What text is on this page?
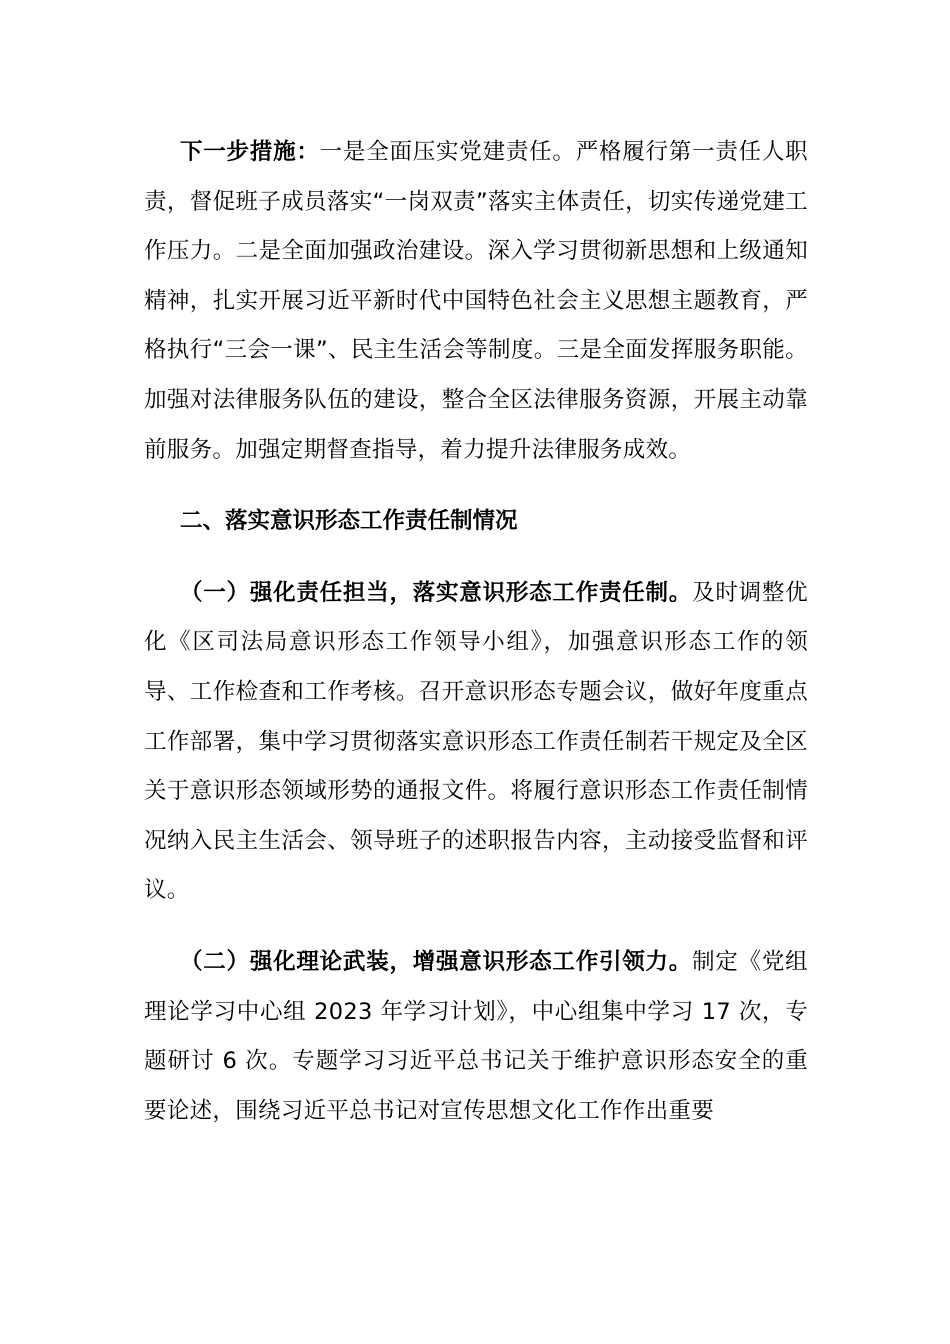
下一步措施：一是全面压实党建责任。严格履行第一责任人职责，督促班子成员落实“一岗双责”落实主体责任，切实传递党建工作压力。二是全面加强政治建设。深入学习贯彻新思想和上级通知精神，扎实开展习近平新时代中国特色社会主义思想主题教育，严格执行“三会一课”、民主生活会等制度。三是全面发挥服务职能。加强对法律服务队伍的建设，整合全区法律服务资源，开展主动靠前服务。加强定期督查指导，着力提升法律服务成效。

二、落实意识形态工作责任制情况

（一）强化责任担当，落实意识形态工作责任制。及时调整优化《区司法局意识形态工作领导小组》，加强意识形态工作的领导、工作检查和工作考核。召开意识形态专题会议，做好年度重点工作部署，集中学习贯彻落实意识形态工作责任制若干规定及全区关于意识形态领域形势的通报文件。将履行意识形态工作责任制情况纳入民主生活会、领导班子的述职报告内容，主动接受监督和评议。

（二）强化理论武装，增强意识形态工作引领力。制定《党组理论学习中心组 2023 年学习计划》，中心组集中学习 17 次，专题研讨 6 次。专题学习习近平总书记关于维护意识形态安全的重要论述，围绕习近平总书记对宣传思想文化工作作出重要
